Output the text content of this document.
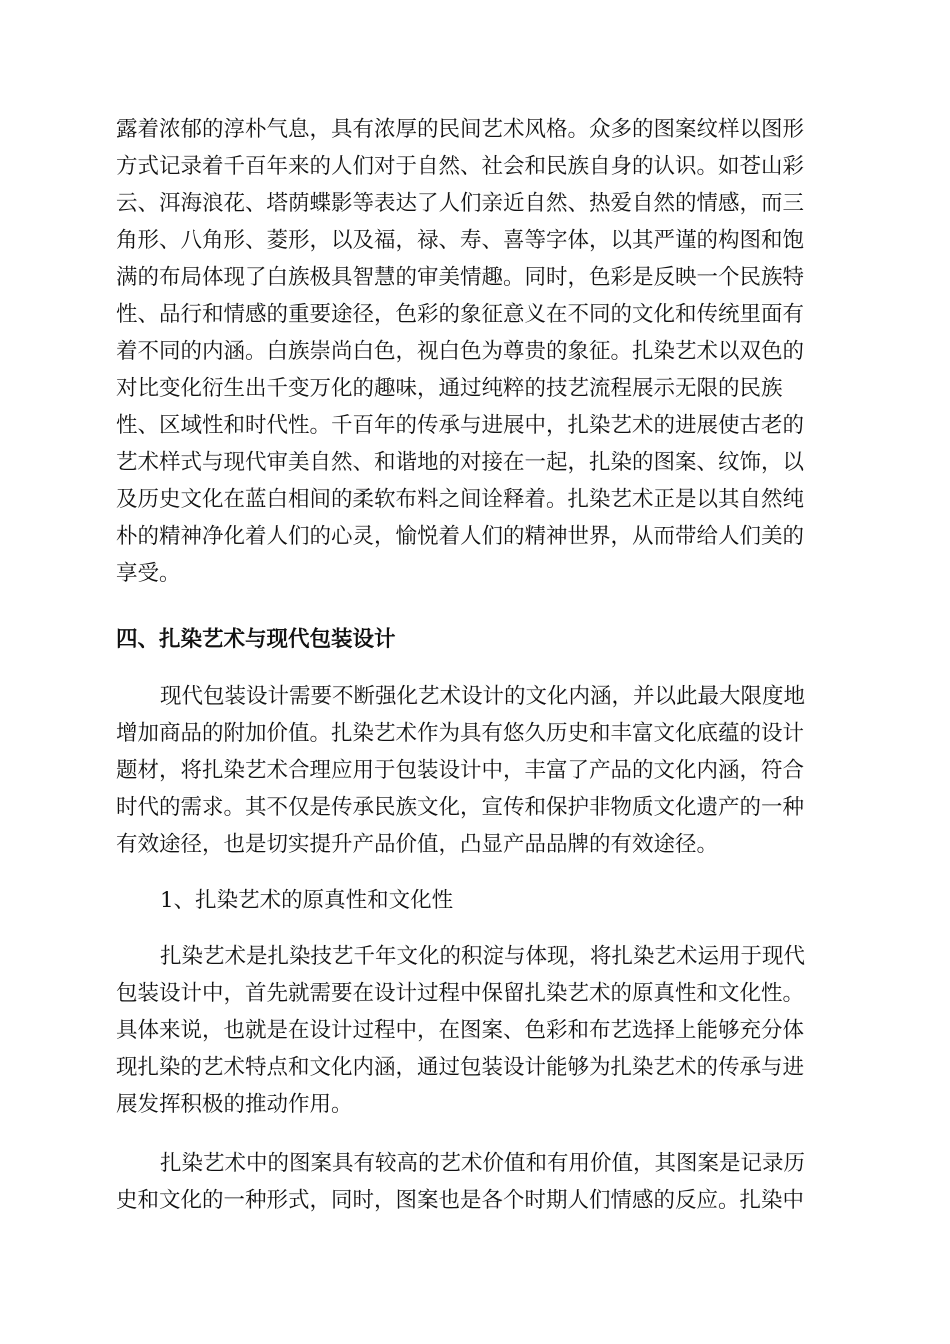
露着浓郁的淳朴气息，具有浓厚的民间艺术风格。众多的图案纹样以图形
方式记录着千百年来的人们对于自然、社会和民族自身的认识。如苍山彩
云、洱海浪花、塔荫蝶影等表达了人们亲近自然、热爱自然的情感，而三
角形、八角形、菱形，以及福，禄、寿、喜等字体，以其严谨的构图和饱
满的布局体现了白族极具智慧的审美情趣。同时，色彩是反映一个民族特
性、品行和情感的重要途径，色彩的象征意义在不同的文化和传统里面有
着不同的内涵。白族崇尚白色，视白色为尊贵的象征。扎染艺术以双色的
对比变化衍生出千变万化的趣味，通过纯粹的技艺流程展示无限的民族
性、区域性和时代性。千百年的传承与进展中，扎染艺术的进展使古老的
艺术样式与现代审美自然、和谐地的对接在一起，扎染的图案、纹饰，以
及历史文化在蓝白相间的柔软布料之间诠释着。扎染艺术正是以其自然纯
朴的精神净化着人们的心灵，愉悦着人们的精神世界，从而带给人们美的
享受。
四、扎染艺术与现代包装设计
现代包装设计需要不断强化艺术设计的文化内涵，并以此最大限度地
增加商品的附加价值。扎染艺术作为具有悠久历史和丰富文化底蕴的设计
题材，将扎染艺术合理应用于包装设计中，丰富了产品的文化内涵，符合
时代的需求。其不仅是传承民族文化，宣传和保护非物质文化遗产的一种
有效途径，也是切实提升产品价值，凸显产品品牌的有效途径。
1、扎染艺术的原真性和文化性
扎染艺术是扎染技艺千年文化的积淀与体现，将扎染艺术运用于现代
包装设计中，首先就需要在设计过程中保留扎染艺术的原真性和文化性。
具体来说，也就是在设计过程中，在图案、色彩和布艺选择上能够充分体
现扎染的艺术特点和文化内涵，通过包装设计能够为扎染艺术的传承与进
展发挥积极的推动作用。
扎染艺术中的图案具有较高的艺术价值和有用价值，其图案是记录历
史和文化的一种形式，同时，图案也是各个时期人们情感的反应。扎染中
